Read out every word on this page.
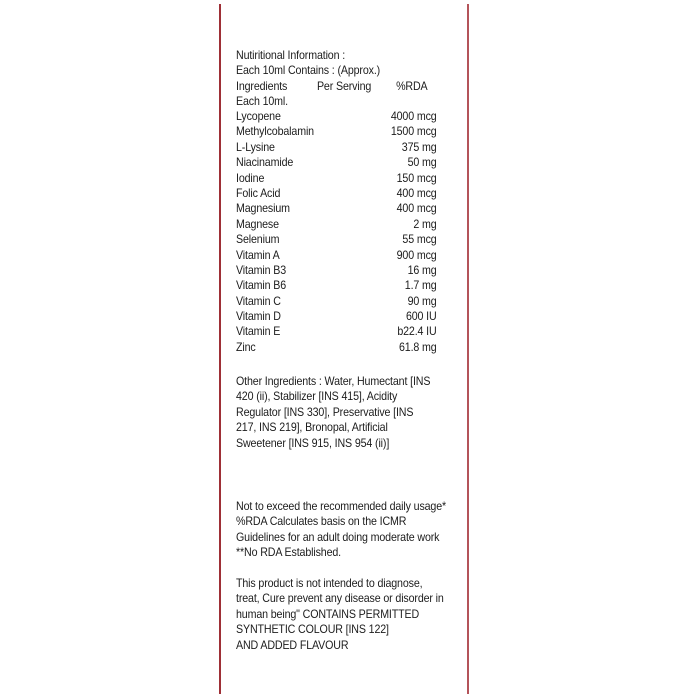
Nutiritional Information :
Each 10ml Contains : (Approx.)
Ingredients	Per Serving %RDA
Each 10ml.
Lycopene	4000 mcg
Methylcobalamin	1500 mcg
L-Lysine	375 mg
Niacinamide	50 mg
Iodine	150 mcg
Folic Acid	400 mcg
Magnesium	400 mcg
Magnese	2 mg
Selenium	55 mcg
Vitamin A	900 mcg
Vitamin B3	16 mg
Vitamin B6	1.7 mg
Vitamin C	90 mg
Vitamin D	600 IU
Vitamin E	b22.4 IU
Zinc	61.8 mg
Other Ingredients : Water, Humectant [INS
420 (ii), Stabilizer [INS 415], Acidity
Regulator [INS 330], Preservative [INS
217, INS 219], Bronopal, Artificial
Sweetener [INS 915, INS 954 (ii)]
Not to exceed the recommended daily usage*
%RDA Calculates basis on the ICMR
Guidelines for an adult doing moderate work
**No RDA Established.
This product is not intended to diagnose,
treat, Cure prevent any disease or disorder in
human being" CONTAINS PERMITTED
SYNTHETIC COLOUR [INS 122]
AND ADDED FLAVOUR
